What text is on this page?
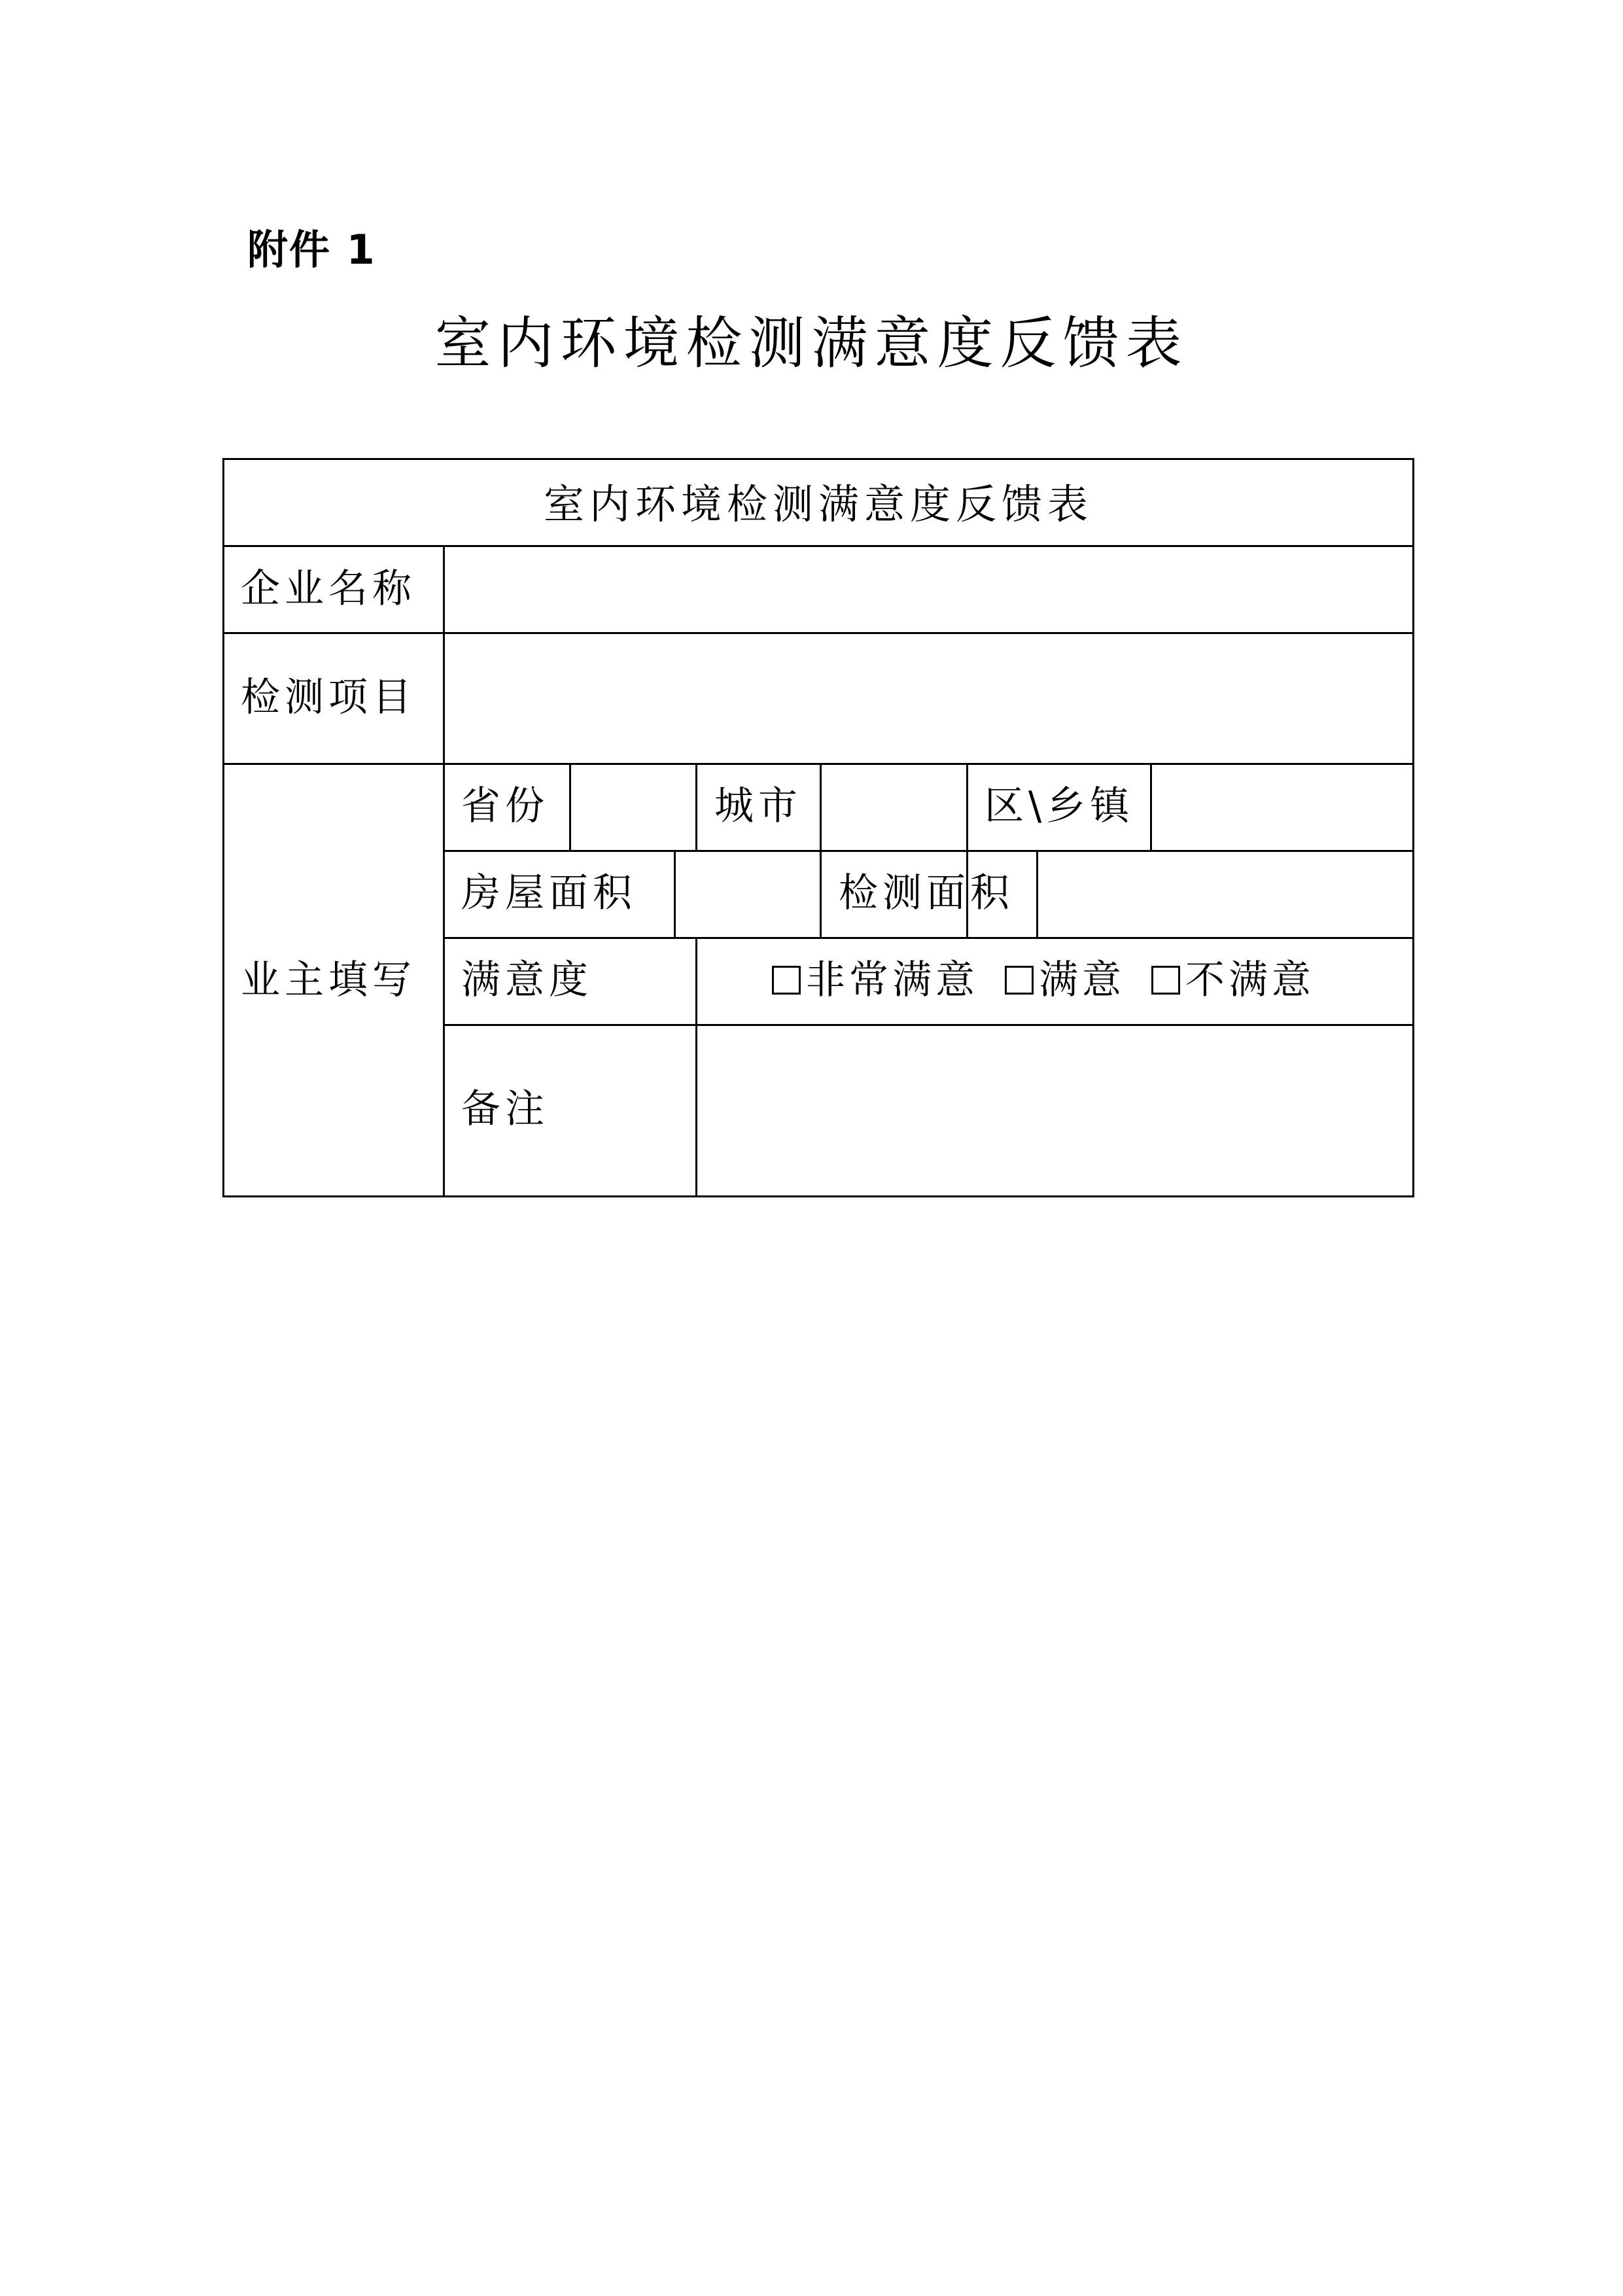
附件 1
室内环境检测满意度反馈表
室内环境检测满意度反馈表
企业名称
检测项目
业主填写
省份	城市	区\乡镇
房屋面积	检测面积
满意度	非常满意 满意 不满意
备注
